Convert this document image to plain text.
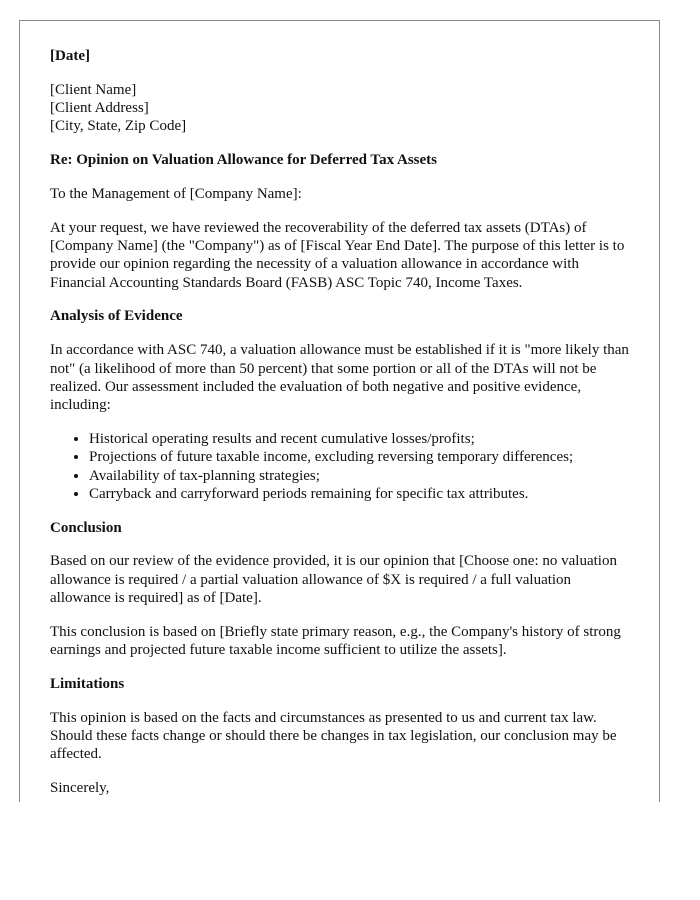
[Date]

[Client Name]
[Client Address]
[City, State, Zip Code]

Re: Opinion on Valuation Allowance for Deferred Tax Assets

To the Management of [Company Name]:

At your request, we have reviewed the recoverability of the deferred tax assets (DTAs) of [Company Name] (the "Company") as of [Fiscal Year End Date]. The purpose of this letter is to provide our opinion regarding the necessity of a valuation allowance in accordance with Financial Accounting Standards Board (FASB) ASC Topic 740, Income Taxes.

Analysis of Evidence

In accordance with ASC 740, a valuation allowance must be established if it is "more likely than not" (a likelihood of more than 50 percent) that some portion or all of the DTAs will not be realized. Our assessment included the evaluation of both negative and positive evidence, including:

• Historical operating results and recent cumulative losses/profits;
• Projections of future taxable income, excluding reversing temporary differences;
• Availability of tax-planning strategies;
• Carryback and carryforward periods remaining for specific tax attributes.
Conclusion

Based on our review of the evidence provided, it is our opinion that [Choose one: no valuation allowance is required / a partial valuation allowance of $X is required / a full valuation allowance is required] as of [Date].

This conclusion is based on [Briefly state primary reason, e.g., the Company's history of strong earnings and projected future taxable income sufficient to utilize the assets].

Limitations

This opinion is based on the facts and circumstances as presented to us and current tax law. Should these facts change or should there be changes in tax legislation, our conclusion may be affected.

Sincerely,
